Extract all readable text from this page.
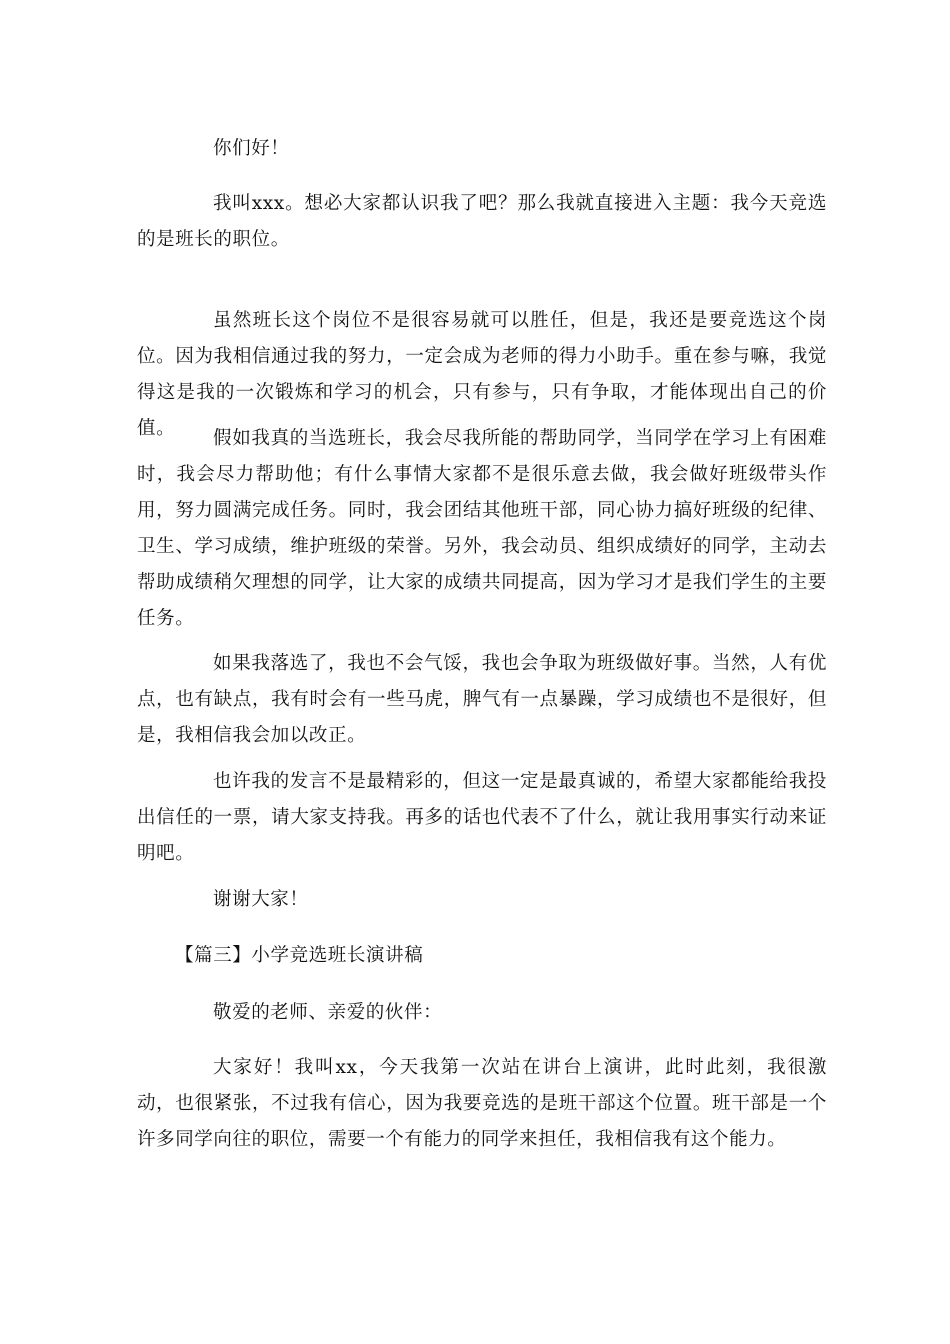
你们好！

我叫xxx。想必大家都认识我了吧？那么我就直接进入主题：我今天竞选的是班长的职位。

虽然班长这个岗位不是很容易就可以胜任，但是，我还是要竞选这个岗位。因为我相信通过我的努力，一定会成为老师的得力小助手。重在参与嘛，我觉得这是我的一次锻炼和学习的机会，只有参与，只有争取，才能体现出自己的价值。	假如我真的当选班长，我会尽我所能的帮助同学，当同学在学习上有困难时，我会尽力帮助他；有什么事情大家都不是很乐意去做，我会做好班级带头作用，努力圆满完成任务。同时，我会团结其他班干部，同心协力搞好班级的纪律、卫生、学习成绩，维护班级的荣誉。另外，我会动员、组织成绩好的同学，主动去帮助成绩稍欠理想的同学，让大家的成绩共同提高，因为学习才是我们学生的主要任务。

如果我落选了，我也不会气馁，我也会争取为班级做好事。当然，人有优点，也有缺点，我有时会有一些马虎，脾气有一点暴躁，学习成绩也不是很好，但是，我相信我会加以改正。

也许我的发言不是最精彩的，但这一定是最真诚的，希望大家都能给我投出信任的一票，请大家支持我。再多的话也代表不了什么，就让我用事实行动来证明吧。

谢谢大家！

【篇三】小学竞选班长演讲稿

敬爱的老师、亲爱的伙伴：

大家好！我叫xx，今天我第一次站在讲台上演讲，此时此刻，我很激动，也很紧张，不过我有信心，因为我要竞选的是班干部这个位置。班干部是一个许多同学向往的职位，需要一个有能力的同学来担任，我相信我有这个能力。
